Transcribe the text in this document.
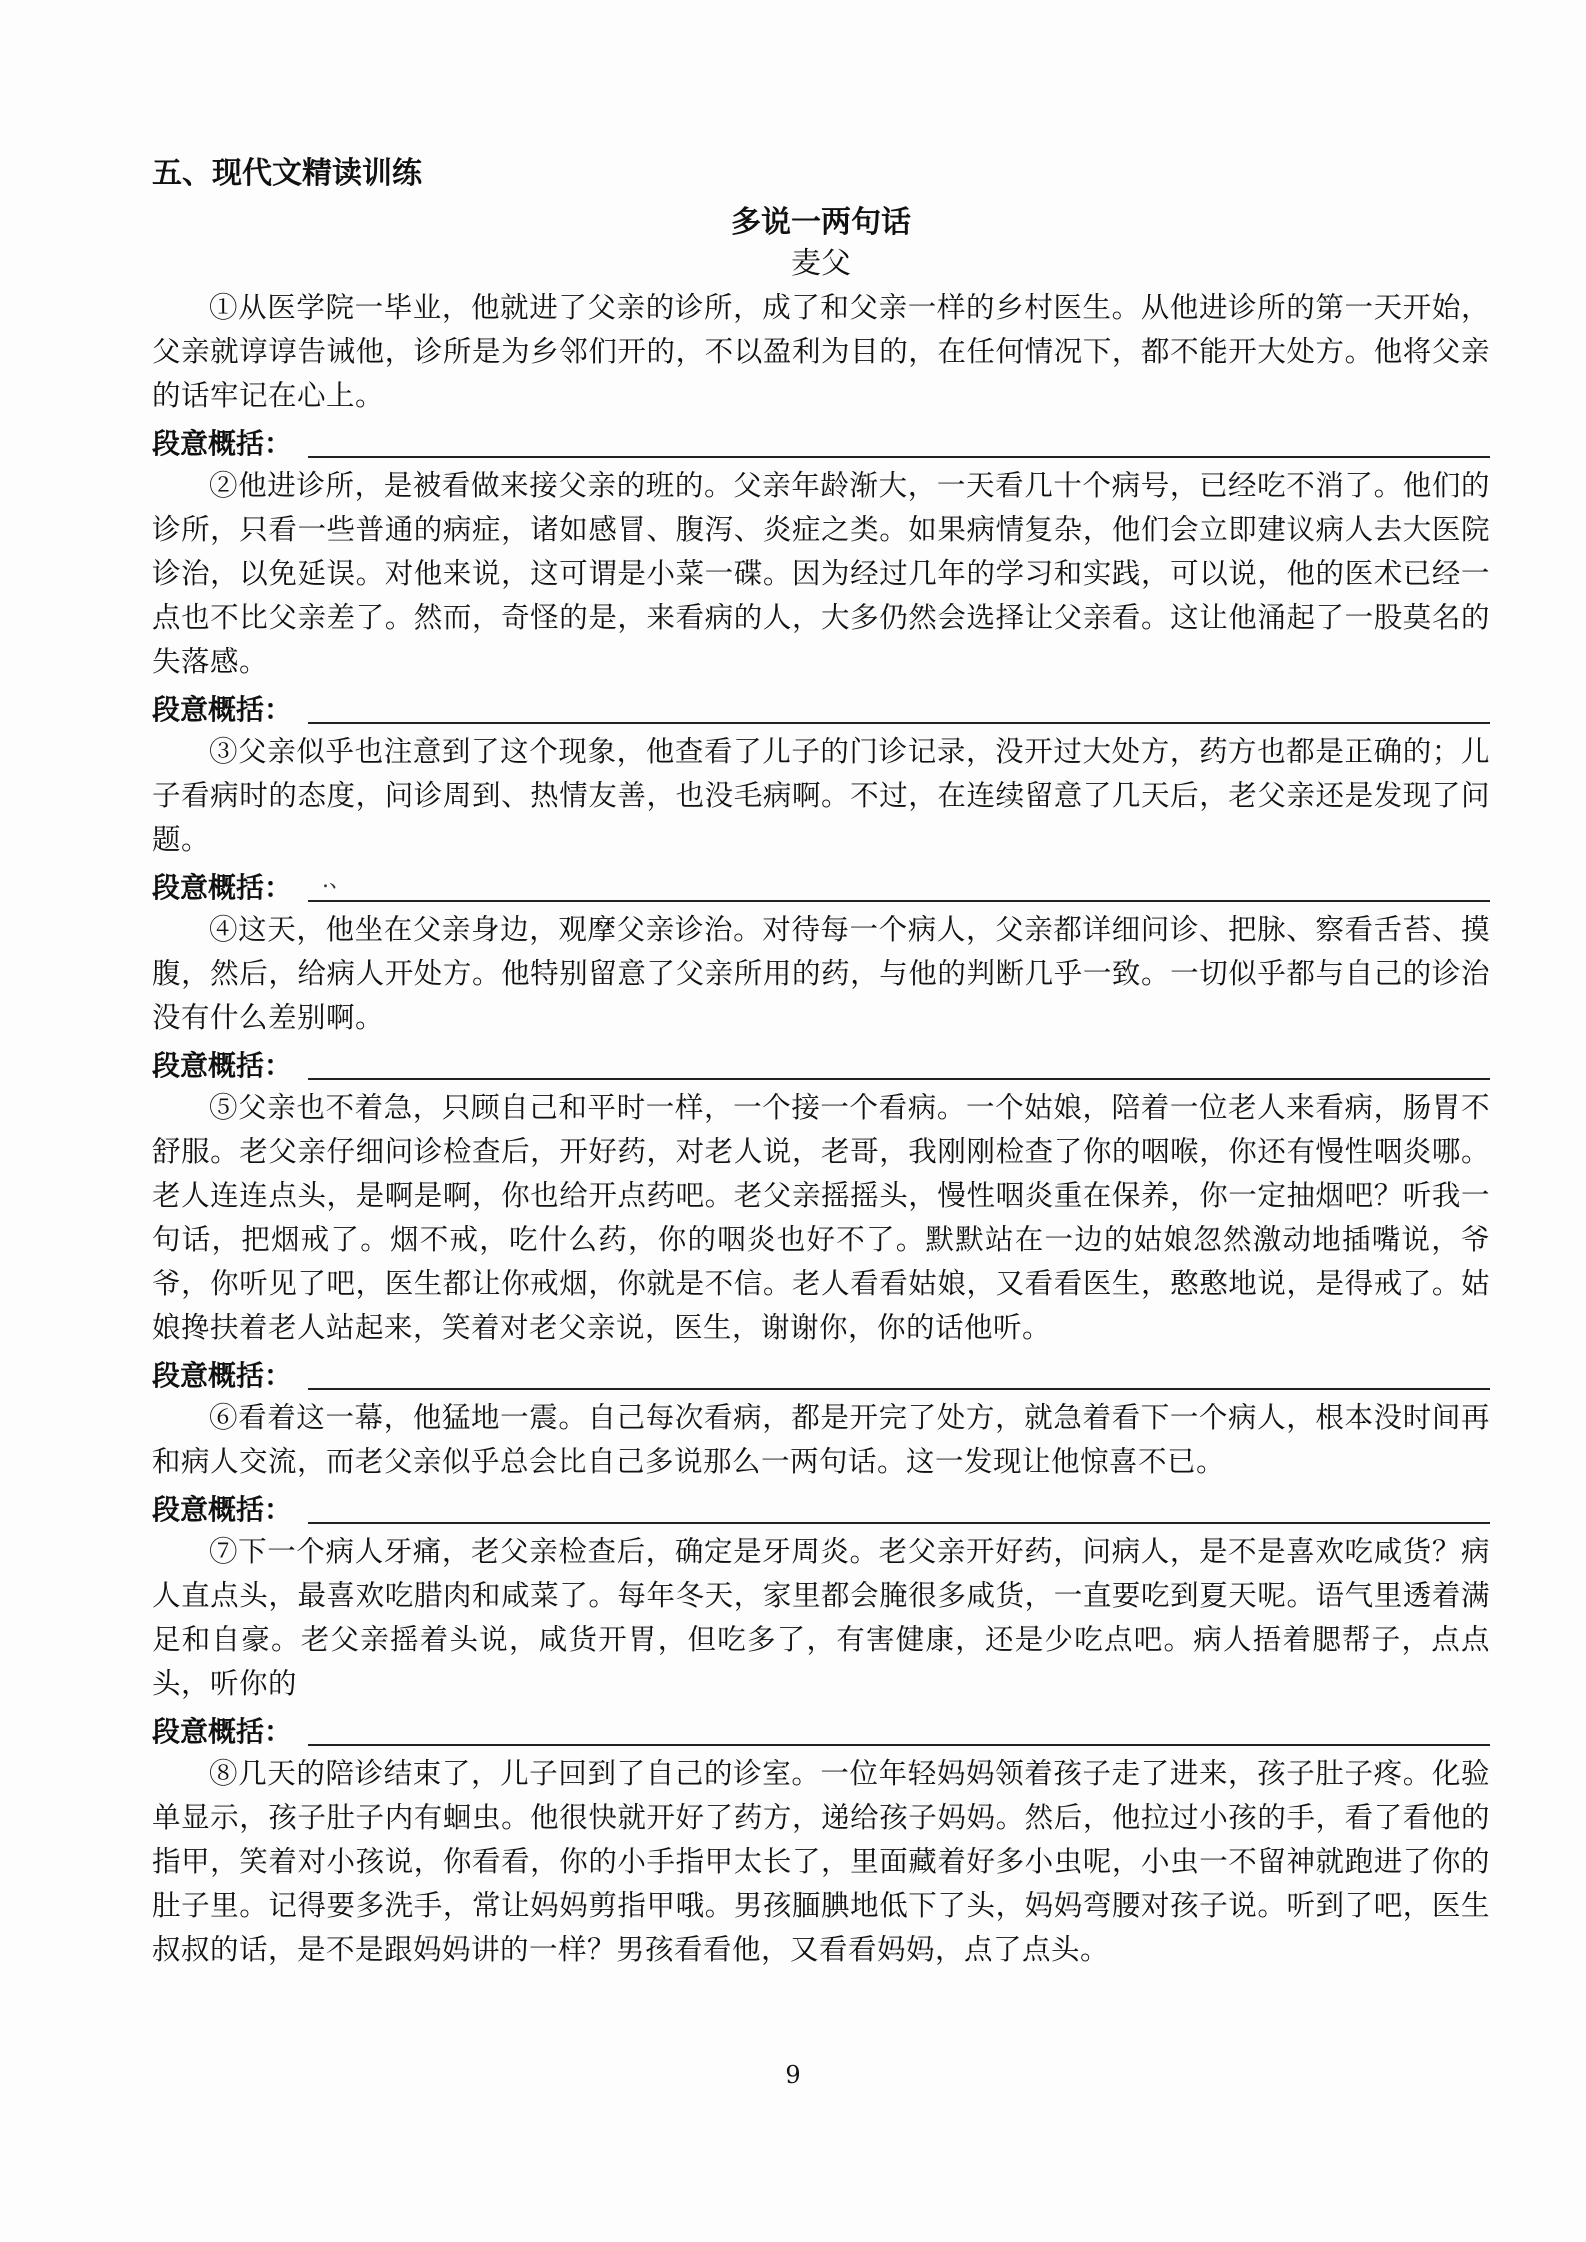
五、现代文精读训练
多说一两句话
麦父

①从医学院一毕业，他就进了父亲的诊所，成了和父亲一样的乡村医生。从他进诊所的第一天开始，父亲就谆谆告诫他，诊所是为乡邻们开的，不以盈利为目的，在任何情况下，都不能开大处方。他将父亲的话牢记在心上。

段意概括：

②他进诊所，是被看做来接父亲的班的。父亲年龄渐大，一天看几十个病号，已经吃不消了。他们的诊所，只看一些普通的病症，诸如感冒、腹泻、炎症之类。如果病情复杂，他们会立即建议病人去大医院诊治，以免延误。对他来说，这可谓是小菜一碟。因为经过几年的学习和实践，可以说，他的医术已经一点也不比父亲差了。然而，奇怪的是，来看病的人，大多仍然会选择让父亲看。这让他涌起了一股莫名的失落感。

段意概括：

③父亲似乎也注意到了这个现象，他查看了儿子的门诊记录，没开过大处方，药方也都是正确的；儿子看病时的态度，问诊周到、热情友善，也没毛病啊。不过，在连续留意了几天后，老父亲还是发现了问题。

段意概括： .、

④这天，他坐在父亲身边，观摩父亲诊治。对待每一个病人，父亲都详细问诊、把脉、察看舌苔、摸腹，然后，给病人开处方。他特别留意了父亲所用的药，与他的判断几乎一致。一切似乎都与自己的诊治没有什么差别啊。

段意概括：

⑤父亲也不着急，只顾自己和平时一样，一个接一个看病。一个姑娘，陪着一位老人来看病，肠胃不舒服。老父亲仔细问诊检查后，开好药，对老人说，老哥，我刚刚检查了你的咽喉，你还有慢性咽炎哪。老人连连点头，是啊是啊，你也给开点药吧。老父亲摇摇头，慢性咽炎重在保养，你一定抽烟吧？听我一句话，把烟戒了。烟不戒，吃什么药，你的咽炎也好不了。默默站在一边的姑娘忽然激动地插嘴说，爷爷，你听见了吧，医生都让你戒烟，你就是不信。老人看看姑娘，又看看医生，憨憨地说，是得戒了。姑娘搀扶着老人站起来，笑着对老父亲说，医生，谢谢你，你的话他听。

段意概括：

⑥看着这一幕，他猛地一震。自己每次看病，都是开完了处方，就急着看下一个病人，根本没时间再和病人交流，而老父亲似乎总会比自己多说那么一两句话。这一发现让他惊喜不已。

段意概括：

⑦下一个病人牙痛，老父亲检查后，确定是牙周炎。老父亲开好药，问病人，是不是喜欢吃咸货？病人直点头，最喜欢吃腊肉和咸菜了。每年冬天，家里都会腌很多咸货，一直要吃到夏天呢。语气里透着满足和自豪。老父亲摇着头说，咸货开胃，但吃多了，有害健康，还是少吃点吧。病人捂着腮帮子，点点头，听你的

段意概括：

⑧几天的陪诊结束了，儿子回到了自己的诊室。一位年轻妈妈领着孩子走了进来，孩子肚子疼。化验单显示，孩子肚子内有蛔虫。他很快就开好了药方，递给孩子妈妈。然后，他拉过小孩的手，看了看他的指甲，笑着对小孩说，你看看，你的小手指甲太长了，里面藏着好多小虫呢，小虫一不留神就跑进了你的肚子里。记得要多洗手，常让妈妈剪指甲哦。男孩腼腆地低下了头，妈妈弯腰对孩子说。听到了吧，医生叔叔的话，是不是跟妈妈讲的一样？男孩看看他，又看看妈妈，点了点头。

9
